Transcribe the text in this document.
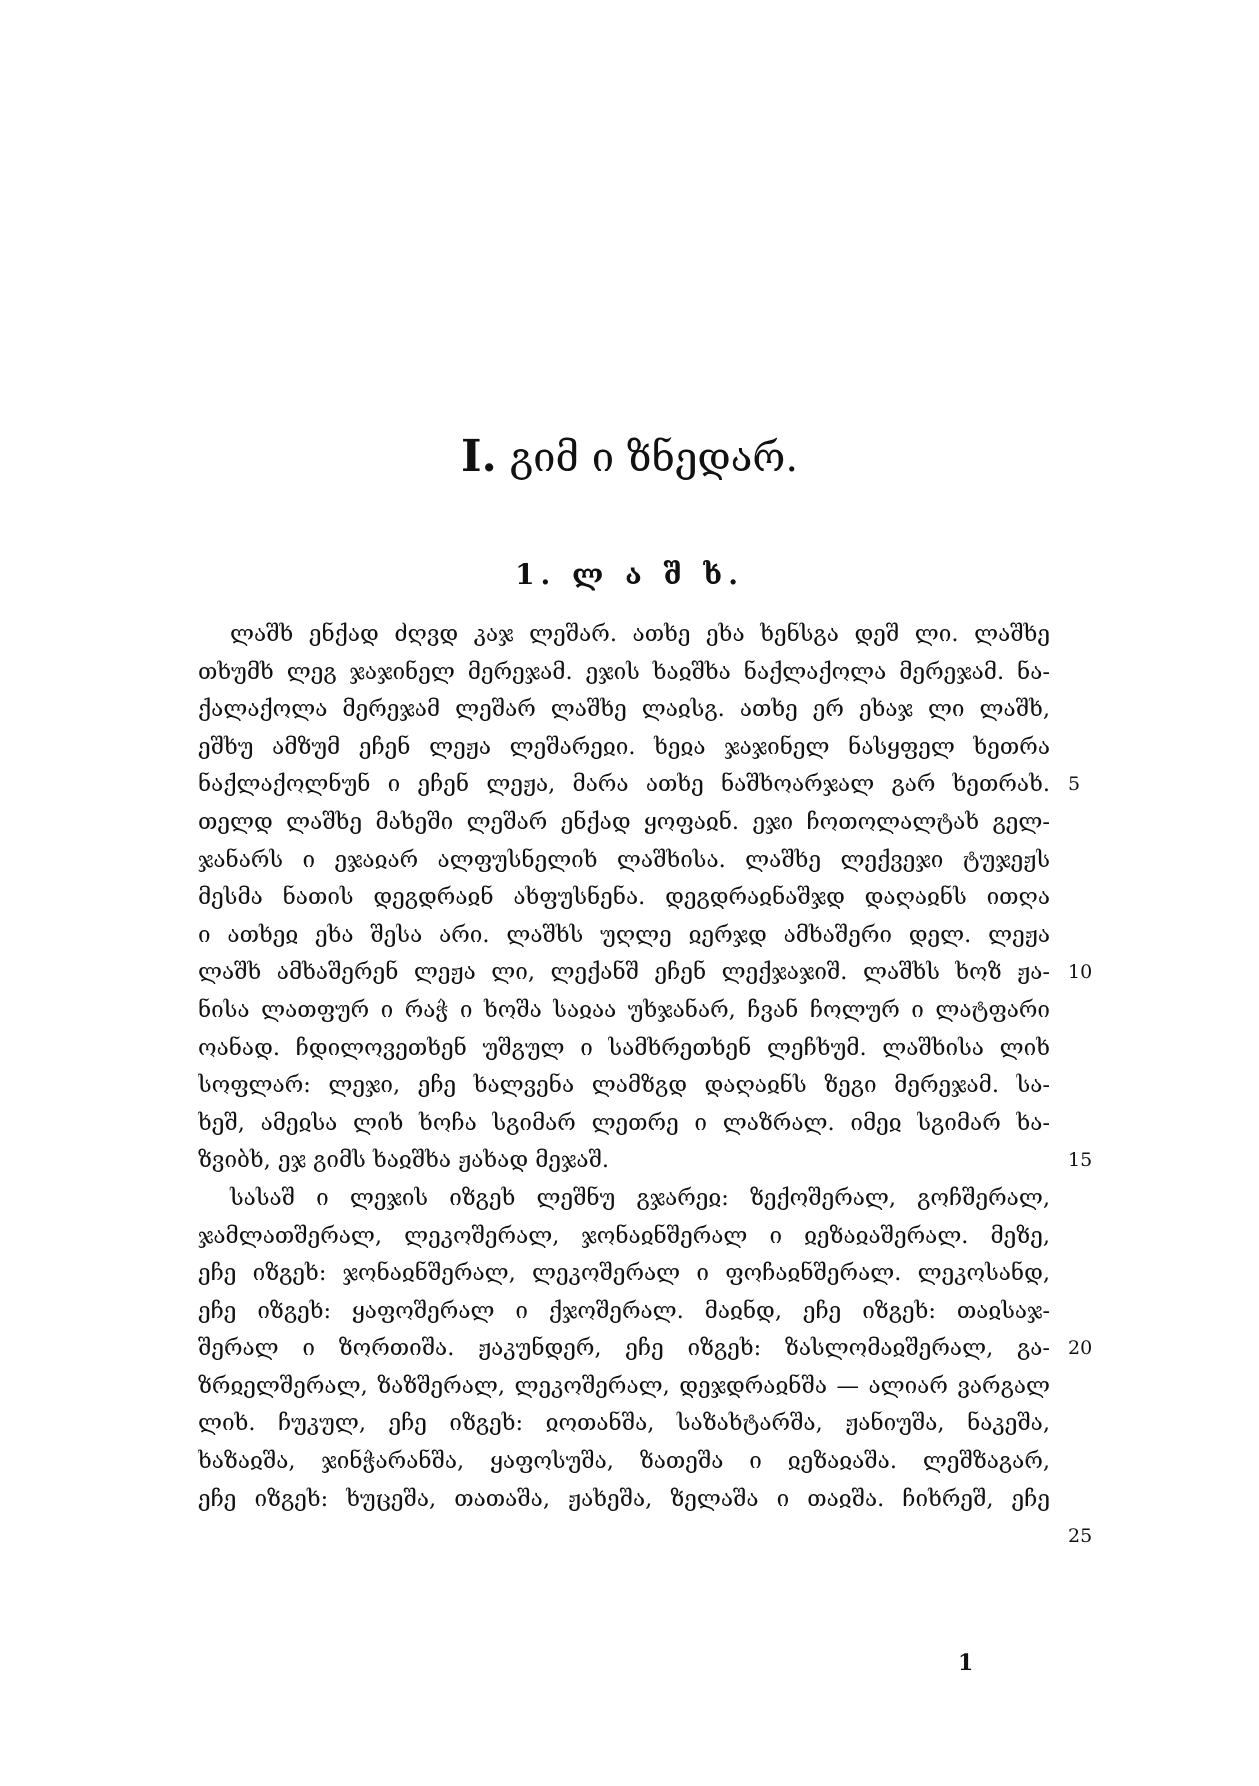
I. გიმ ი ზნედარ.
1. ლ ა შ ხ.
ლაშხ ენქად ძღვდ კაჯ ლეშარ. ათხე ეხა ხენსგა დეშ ლი. ლაშხე
თხუმხ ლეგ ჯაჯინელ მერეჯამ. ეჯის ხაჲშხა ნაქლაქოლა მერეჯამ. ნა-
ქალაქოლა მერეჯამ ლეშარ ლაშხე ლაჲსგ. ათხე ერ ეხაჯ ლი ლაშხ,
ეშხუ ამზუმ ეჩენ ლეჟა ლეშარეჲი. ხეჲა ჯაჯინელ ნასყფელ ხეთრა
ნაქლაქოლნუნ ი ეჩენ ლეჟა, მარა ათხე ნაშხოარჯალ გარ ხეთრახ.
თელდ ლაშხე მახეში ლეშარ ენქად ყოფაჲნ. ეჯი ჩოთოლალტახ გელ-
ჯანარს ი ეჯაჲარ ალფუსნელიხ ლაშხისა. ლაშხე ლექვეჯი ტუჯეჟს
მესმა ნათის დეგდრაჲნ ახფუსნენა. დეგდრაჲნაშჯდ დაღაჲნს ითღა
ი ათხეჲ ეხა შესა არი. ლაშხს უღლე ჲერჯდ ამხაშერი დელ. ლეჟა
ლაშხ ამხაშერენ ლეჟა ლი, ლექანშ ეჩენ ლექჯაჯიშ. ლაშხს ხოზ ჟა-
ნისა ლათფურ ი რაჭ ი ხოშა საჲაა უხჯანარ, ჩვან ჩოლურ ი ლატფარი
ოანად. ჩდილოვეთხენ უშგულ ი სამხრეთხენ ლეჩხუმ. ლაშხისა ლიხ
სოფლარ: ლეჯი, ეჩე ხალვენა ლამზგდ დაღაჲნს ზეგი მერეჯამ. სა-
ხეშ, ამეჲსა ლიხ ხოჩა სგიმარ ლეთრე ი ლაზრალ. იმეჲ სგიმარ ხა-
ზვიბხ, ეჯ გიმს ხაჲშხა ჟახად მეჯაშ.
სასაშ ი ლეჯის იზგეხ ლეშნუ გჯარეჲ: ზექოშერალ, გოჩშერალ,
ჯამლათშერალ, ლეკოშერალ, ჯონაჲნშერალ ი ჲეზაჲაშერალ. მეზე,
ეჩე იზგეხ: ჯონაჲნშერალ, ლეკოშერალ ი ფოჩაჲნშერალ. ლეკოსანდ,
ეჩე იზგეხ: ყაფოშერალ ი ქჯოშერალ. მაჲნდ, ეჩე იზგეხ: თაჲსაჯ-
შერალ ი ზორთიშა. ჟაკუნდერ, ეჩე იზგეხ: ზასლომაჲშერალ, გა-
ზრჲელშერალ, ზაზშერალ, ლეკოშერალ, დეჯდრაჲნშა — ალიარ ვარგალ
ლიხ. ჩუკულ, ეჩე იზგეხ: ჲოთანშა, საზახტარშა, ჟანიუშა, ნაკეშა,
ხაზაჲშა, ჯინჭარანშა, ყაფოსუშა, ზათეშა ი ჲეზაჲაშა. ლეშზაგარ,
ეჩე იზგეხ: ხუცეშა, თათაშა, ჟახეშა, ზელაშა ი თაჲშა. ჩიხრეშ, ეჩე
5
10
15
20
25
1
